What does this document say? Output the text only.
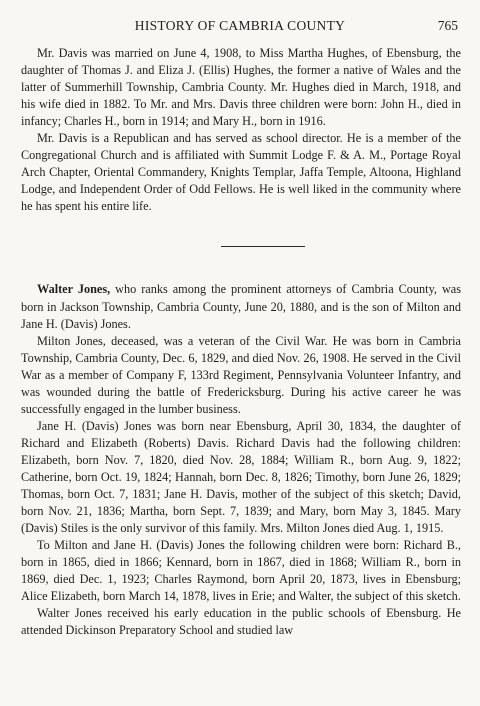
HISTORY OF CAMBRIA COUNTY	765

Mr. Davis was married on June 4, 1908, to Miss Martha Hughes, of Ebensburg, the daughter of Thomas J. and Eliza J. (Ellis) Hughes, the former a native of Wales and the latter of Summerhill Township, Cambria County. Mr. Hughes died in March, 1918, and his wife died in 1882. To Mr. and Mrs. Davis three children were born: John H., died in infancy; Charles H., born in 1914; and Mary H., born in 1916.

Mr. Davis is a Republican and has served as school director. He is a member of the Congregational Church and is affiliated with Summit Lodge F. & A. M., Portage Royal Arch Chapter, Oriental Commandery, Knights Templar, Jaffa Temple, Altoona, Highland Lodge, and Independent Order of Odd Fellows. He is well liked in the community where he has spent his entire life.

Walter Jones, who ranks among the prominent attorneys of Cambria County, was born in Jackson Township, Cambria County, June 20, 1880, and is the son of Milton and Jane H. (Davis) Jones.

Milton Jones, deceased, was a veteran of the Civil War. He was born in Cambria Township, Cambria County, Dec. 6, 1829, and died Nov. 26, 1908. He served in the Civil War as a member of Company F, 133rd Regiment, Pennsylvania Volunteer Infantry, and was wounded during the battle of Fredericksburg. During his active career he was successfully engaged in the lumber business.

Jane H. (Davis) Jones was born near Ebensburg, April 30, 1834, the daughter of Richard and Elizabeth (Roberts) Davis. Richard Davis had the following children: Elizabeth, born Nov. 7, 1820, died Nov. 28, 1884; William R., born Aug. 9, 1822; Catherine, born Oct. 19, 1824; Hannah, born Dec. 8, 1826; Timothy, born June 26, 1829; Thomas, born Oct. 7, 1831; Jane H. Davis, mother of the subject of this sketch; David, born Nov. 21, 1836; Martha, born Sept. 7, 1839; and Mary, born May 3, 1845. Mary (Davis) Stiles is the only survivor of this family. Mrs. Milton Jones died Aug. 1, 1915.

To Milton and Jane H. (Davis) Jones the following children were born: Richard B., born in 1865, died in 1866; Kennard, born in 1867, died in 1868; William R., born in 1869, died Dec. 1, 1923; Charles Raymond, born April 20, 1873, lives in Ebensburg; Alice Elizabeth, born March 14, 1878, lives in Erie; and Walter, the subject of this sketch.

Walter Jones received his early education in the public schools of Ebensburg. He attended Dickinson Preparatory School and studied law
